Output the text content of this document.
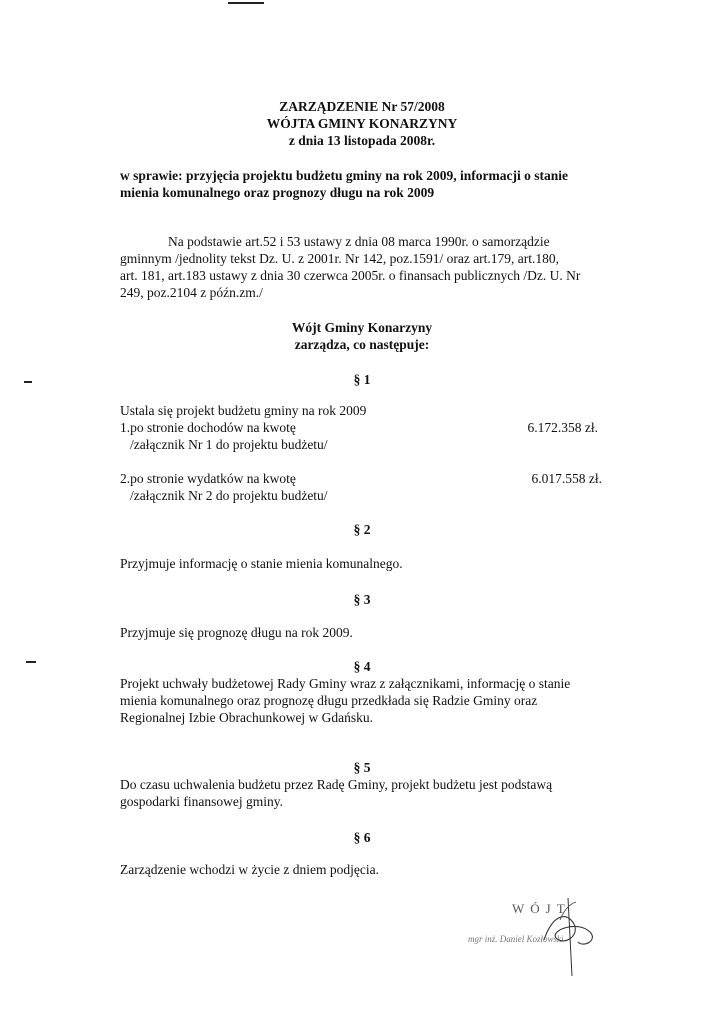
ZARZĄDZENIE Nr 57/2008
WÓJTA GMINY KONARZYNY
z dnia 13 listopada 2008r.
w sprawie: przyjęcia projektu budżetu gminy na rok 2009, informacji o stanie
mienia komunalnego oraz prognozy długu na rok 2009
Na podstawie art.52 i 53 ustawy z dnia 08 marca 1990r. o samorządzie
gminnym /jednolity tekst Dz. U. z 2001r. Nr 142, poz.1591/ oraz art.179, art.180,
art. 181, art.183 ustawy z dnia 30 czerwca 2005r. o finansach publicznych /Dz. U. Nr
249, poz.2104 z późn.zm./
Wójt Gminy Konarzyny
zarządza, co następuje:
§ 1
Ustala się projekt budżetu gminy na rok 2009
1.po stronie dochodów na kwotę	6.172.358 zł.
/załącznik Nr 1 do projektu budżetu/
2.po stronie wydatków na kwotę	6.017.558 zł.
/załącznik Nr 2 do projektu budżetu/
§ 2
Przyjmuje informację o stanie mienia komunalnego.
§ 3
Przyjmuje się prognozę długu na rok 2009.
§ 4
Projekt uchwały budżetowej Rady Gminy wraz z załącznikami, informację o stanie
mienia komunalnego oraz prognozę długu przedkłada się Radzie Gminy oraz
Regionalnej Izbie Obrachunkowej w Gdańsku.
§ 5
Do czasu uchwalenia budżetu przez Radę Gminy, projekt budżetu jest podstawą
gospodarki finansowej gminy.
§ 6
Zarządzenie wchodzi w życie z dniem podjęcia.
WÓJT
mgr inż. Daniel Kozłowski
